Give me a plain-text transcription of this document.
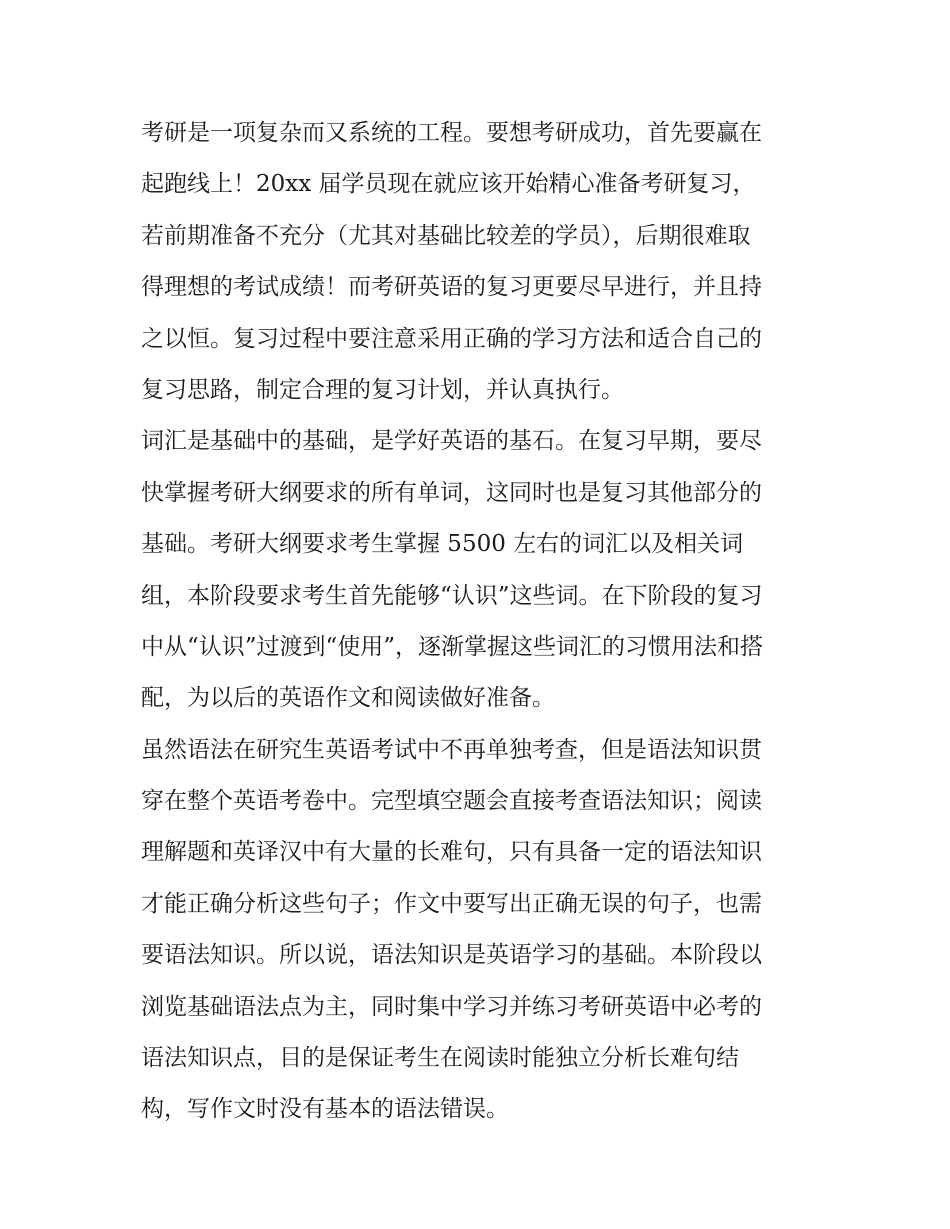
考研是一项复杂而又系统的工程。要想考研成功，首先要赢在
起跑线上！20xx 届学员现在就应该开始精心准备考研复习，
若前期准备不充分（尤其对基础比较差的学员），后期很难取
得理想的考试成绩！而考研英语的复习更要尽早进行，并且持
之以恒。复习过程中要注意采用正确的学习方法和适合自己的
复习思路，制定合理的复习计划，并认真执行。
词汇是基础中的基础，是学好英语的基石。在复习早期，要尽
快掌握考研大纲要求的所有单词，这同时也是复习其他部分的
基础。考研大纲要求考生掌握 5500 左右的词汇以及相关词
组，本阶段要求考生首先能够“认识”这些词。在下阶段的复习
中从“认识”过渡到“使用”，逐渐掌握这些词汇的习惯用法和搭
配，为以后的英语作文和阅读做好准备。
虽然语法在研究生英语考试中不再单独考查，但是语法知识贯
穿在整个英语考卷中。完型填空题会直接考查语法知识；阅读
理解题和英译汉中有大量的长难句，只有具备一定的语法知识
才能正确分析这些句子；作文中要写出正确无误的句子，也需
要语法知识。所以说，语法知识是英语学习的基础。本阶段以
浏览基础语法点为主，同时集中学习并练习考研英语中必考的
语法知识点，目的是保证考生在阅读时能独立分析长难句结
构，写作文时没有基本的语法错误。
